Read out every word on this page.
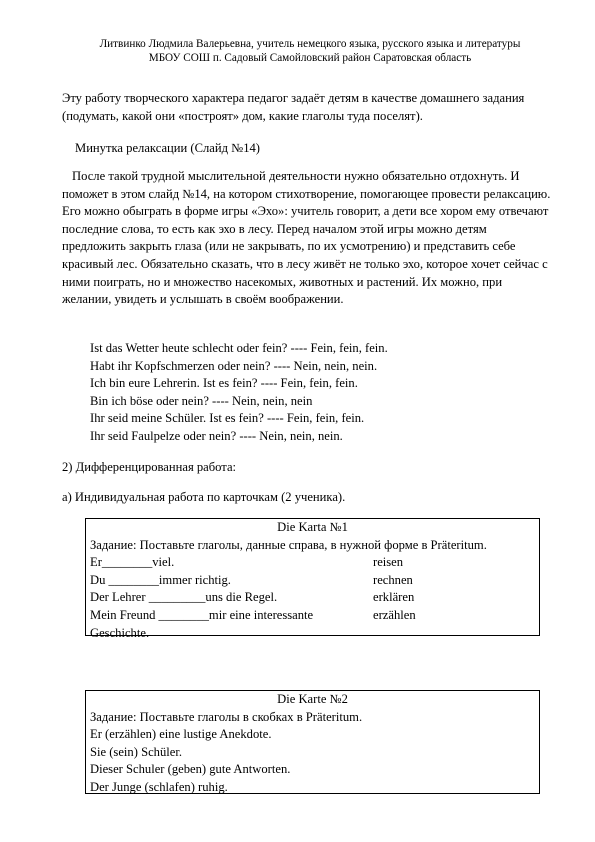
Литвинко Людмила Валерьевна, учитель немецкого языка, русского языка и литературы
МБОУ СОШ п. Садовый Самойловский район Саратовская область
Эту работу творческого характера педагог задаёт детям в качестве домашнего задания (подумать, какой они «построят» дом, какие глаголы туда поселят).
Минутка релаксации (Слайд №14)
После такой трудной мыслительной деятельности нужно обязательно отдохнуть. И поможет в этом слайд №14, на котором стихотворение, помогающее провести релаксацию. Его можно обыграть в форме игры «Эхо»: учитель говорит, а дети все хором ему отвечают последние слова, то есть как эхо в лесу. Перед началом этой игры можно детям предложить закрыть глаза (или не закрывать, по их усмотрению) и представить себе красивый лес. Обязательно сказать, что в лесу живёт не только эхо, которое хочет сейчас с ними поиграть, но и множество насекомых, животных и растений. Их можно, при желании, увидеть и услышать в своём воображении.
Ist das Wetter heute schlecht oder fein? ---- Fein, fein, fein.
Habt ihr Kopfschmerzen oder nein? ---- Nein, nein, nein.
Ich bin eure Lehrerin. Ist es fein? ---- Fein, fein, fein.
Bin ich böse oder nein? ---- Nein, nein, nein
Ihr seid meine Schüler. Ist es fein? ---- Fein, fein, fein.
Ihr seid Faulpelze oder nein? ---- Nein, nein, nein.
2) Дифференцированная работа:
а) Индивидуальная работа по карточкам (2 ученика).
Die Karta №1
Задание: Поставьте глаголы, данные справа, в нужной форме в Präteritum.
Er________viel.	reisen
Du ________immer richtig.	rechnen
Der Lehrer _________uns die Regel.	erklären
Mein Freund ________mir eine interessante	erzählen
Geschichte.
Die Karte №2
Задание: Поставьте глаголы в скобках в Präteritum.
Er (erzählen) eine lustige Anekdote.
Sie (sein) Schüler.
Dieser Schuler (geben) gute Antworten.
Der Junge (schlafen) ruhig.
